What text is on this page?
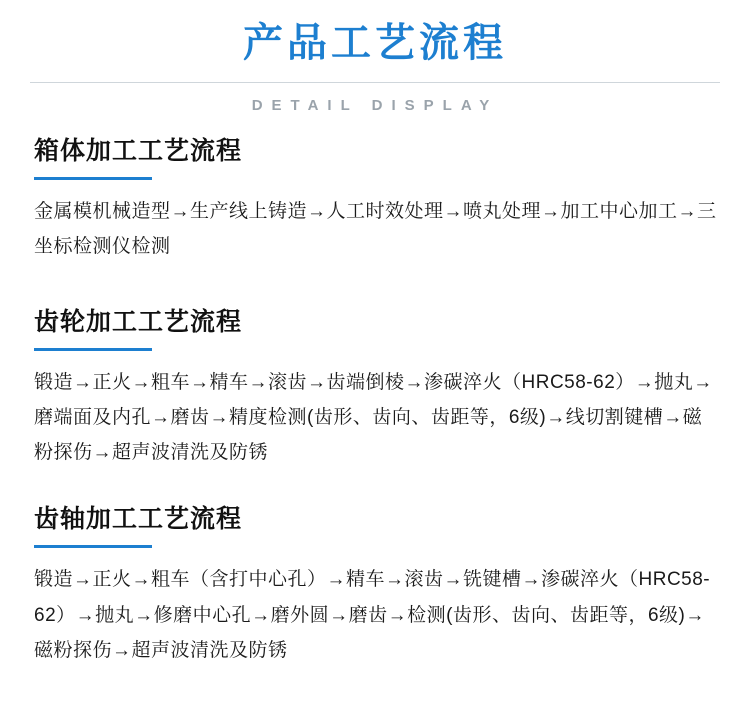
产品工艺流程
DETAIL DISPLAY
箱体加工工艺流程
金属模机械造型→生产线上铸造→人工时效处理→喷丸处理→加工中心加工→三坐标检测仪检测
齿轮加工工艺流程
锻造→正火→粗车→精车→滚齿→齿端倒棱→渗碳淬火（HRC58-62）→抛丸→磨端面及内孔→磨齿→精度检测(齿形、齿向、齿距等，6级)→线切割键槽→磁粉探伤→超声波清洗及防锈
齿轴加工工艺流程
锻造→正火→粗车（含打中心孔）→精车→滚齿→铣键槽→渗碳淬火（HRC58-62）→抛丸→修磨中心孔→磨外圆→磨齿→检测(齿形、齿向、齿距等，6级)→磁粉探伤→超声波清洗及防锈
